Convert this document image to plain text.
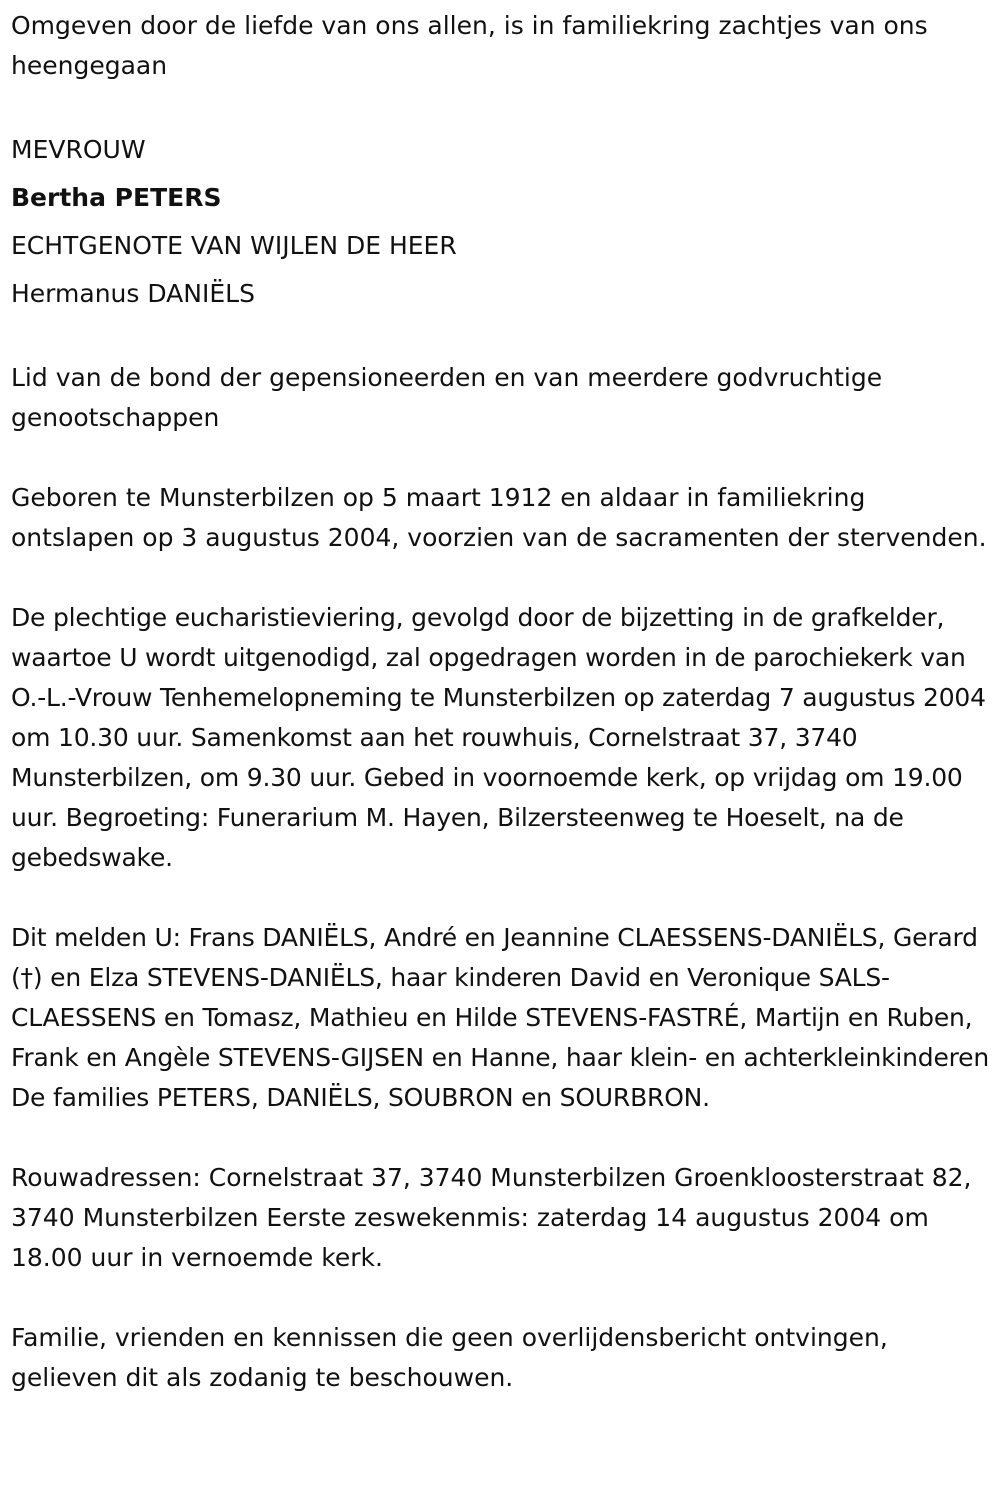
Omgeven door de liefde van ons allen, is in familiekring zachtjes van ons heengegaan

MEVROUW

Bertha PETERS

ECHTGENOTE VAN WIJLEN DE HEER

Hermanus DANIËLS

Lid van de bond der gepensioneerden en van meerdere godvruchtige genootschappen

Geboren te Munsterbilzen op 5 maart 1912 en aldaar in familiekring ontslapen op 3 augustus 2004, voorzien van de sacramenten der stervenden.

De plechtige eucharistieviering, gevolgd door de bijzetting in de grafkelder, waartoe U wordt uitgenodigd, zal opgedragen worden in de parochiekerk van O.-L.-Vrouw Tenhemelopneming te Munsterbilzen op zaterdag 7 augustus 2004 om 10.30 uur. Samenkomst aan het rouwhuis, Cornelstraat 37, 3740 Munsterbilzen, om 9.30 uur. Gebed in voornoemde kerk, op vrijdag om 19.00 uur. Begroeting: Funerarium M. Hayen, Bilzersteenweg te Hoeselt, na de gebedswake.

Dit melden U: Frans DANIËLS, André en Jeannine CLAESSENS-DANIËLS, Gerard (†) en Elza STEVENS-DANIËLS, haar kinderen David en Veronique SALS-CLAESSENS en Tomasz, Mathieu en Hilde STEVENS-FASTRÉ, Martijn en Ruben, Frank en Angèle STEVENS-GIJSEN en Hanne, haar klein- en achterkleinkinderen De families PETERS, DANIËLS, SOUBRON en SOURBRON.

Rouwadressen: Cornelstraat 37, 3740 Munsterbilzen Groenkloosterstraat 82, 3740 Munsterbilzen Eerste zeswekenmis: zaterdag 14 augustus 2004 om 18.00 uur in vernoemde kerk.

Familie, vrienden en kennissen die geen overlijdensbericht ontvingen, gelieven dit als zodanig te beschouwen.
